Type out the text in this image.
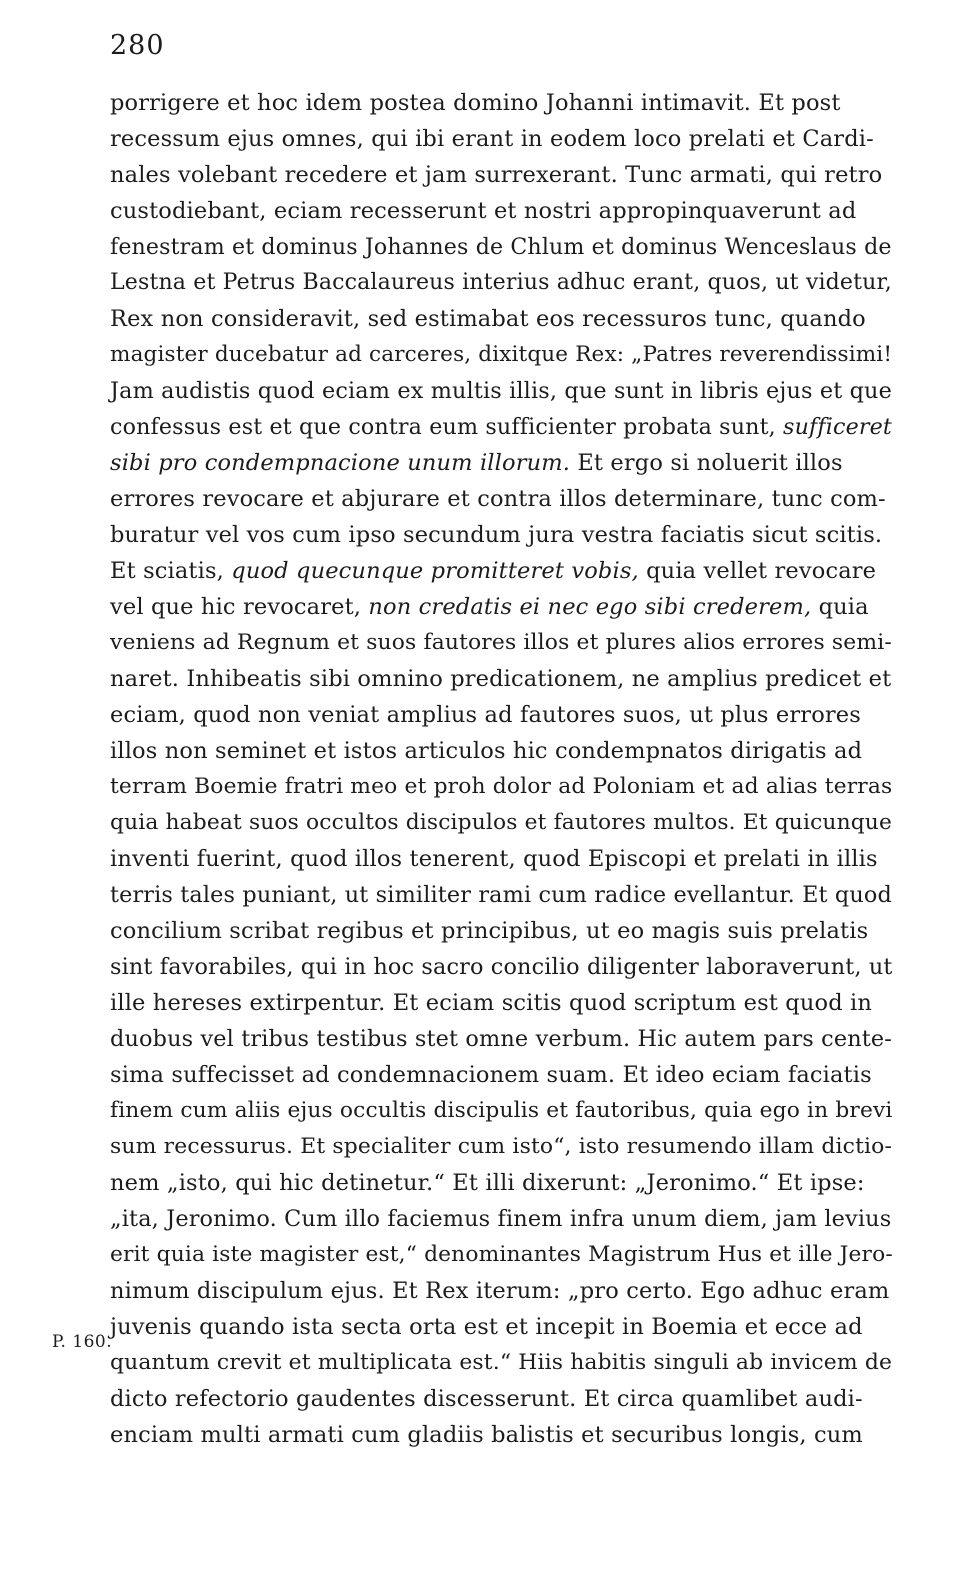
280
P. 160.
porrigere et hoc idem postea domino Johanni intimavit. Et post
recessum ejus omnes, qui ibi erant in eodem loco prelati et Cardi-
nales volebant recedere et jam surrexerant. Tunc armati, qui retro
custodiebant, eciam recesserunt et nostri appropinquaverunt ad
fenestram et dominus Johannes de Chlum et dominus Wenceslaus de
Lestna et Petrus Baccalaureus interius adhuc erant, quos, ut videtur,
Rex non consideravit, sed estimabat eos recessuros tunc, quando
magister ducebatur ad carceres, dixitque Rex: „Patres reverendissimi!
Jam audistis quod eciam ex multis illis, que sunt in libris ejus et que
confessus est et que contra eum sufficienter probata sunt, sufficeret
sibi pro condempnacione unum illorum. Et ergo si noluerit illos
errores revocare et abjurare et contra illos determinare, tunc com-
buratur vel vos cum ipso secundum jura vestra faciatis sicut scitis.
Et sciatis, quod quecunque promitteret vobis, quia vellet revocare
vel que hic revocaret, non credatis ei nec ego sibi crederem, quia
veniens ad Regnum et suos fautores illos et plures alios errores semi-
naret. Inhibeatis sibi omnino predicationem, ne amplius predicet et
eciam, quod non veniat amplius ad fautores suos, ut plus errores
illos non seminet et istos articulos hic condempnatos dirigatis ad
terram Boemie fratri meo et proh dolor ad Poloniam et ad alias terras
quia habeat suos occultos discipulos et fautores multos. Et quicunque
inventi fuerint, quod illos tenerent, quod Episcopi et prelati in illis
terris tales puniant, ut similiter rami cum radice evellantur. Et quod
concilium scribat regibus et principibus, ut eo magis suis prelatis
sint favorabiles, qui in hoc sacro concilio diligenter laboraverunt, ut
ille hereses extirpentur. Et eciam scitis quod scriptum est quod in
duobus vel tribus testibus stet omne verbum. Hic autem pars cente-
sima suffecisset ad condemnacionem suam. Et ideo eciam faciatis
finem cum aliis ejus occultis discipulis et fautoribus, quia ego in brevi
sum recessurus. Et specialiter cum isto“, isto resumendo illam dictio-
nem „isto, qui hic detinetur.“ Et illi dixerunt: „Jeronimo.“ Et ipse:
„ita, Jeronimo. Cum illo faciemus finem infra unum diem, jam levius
erit quia iste magister est,“ denominantes Magistrum Hus et ille Jero-
nimum discipulum ejus. Et Rex iterum: „pro certo. Ego adhuc eram
juvenis quando ista secta orta est et incepit in Boemia et ecce ad
quantum crevit et multiplicata est.“ Hiis habitis singuli ab invicem de
dicto refectorio gaudentes discesserunt. Et circa quamlibet audi-
enciam multi armati cum gladiis balistis et securibus longis, cum
